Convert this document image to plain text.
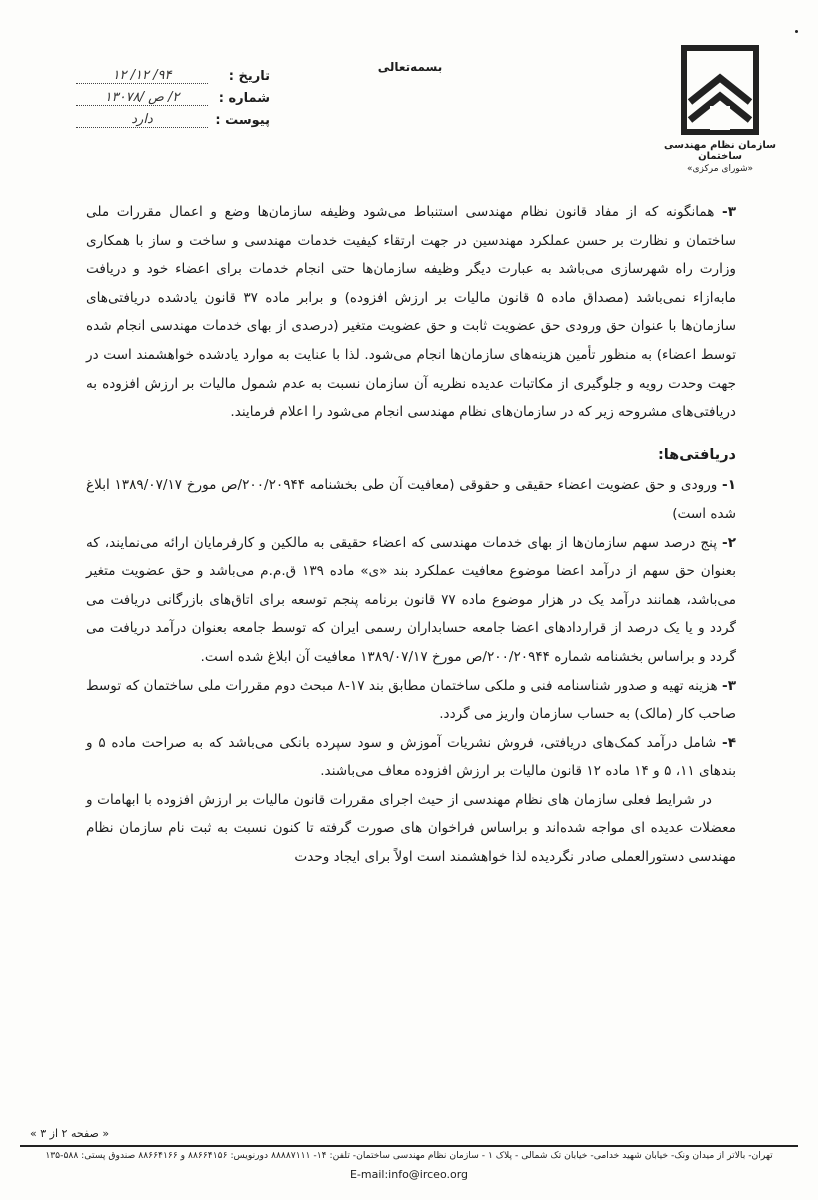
سازمان نظام مهندسی ساختمان
«شورای مرکزی»
بسمه‌تعالی
تاریخ :
۹۴/ ۱۲/ ۱۲
شماره :
۲/ ص /۱۳۰۷۸
پیوست :
دارد

۳- همانگونه که از مفاد قانون نظام مهندسی استنباط می‌شود وظیفه سازمان‌ها وضع و اعمال مقررات ملی ساختمان و نظارت بر حسن عملکرد مهندسین در جهت ارتقاء کیفیت خدمات مهندسی و ساخت و ساز با همکاری وزارت راه شهرسازی می‌باشد به عبارت دیگر وظیفه سازمان‌ها حتی انجام خدمات برای اعضاء خود و دریافت مابه‌ازاء نمی‌باشد (مصداق ماده ۵ قانون مالیات بر ارزش افزوده) و برابر ماده ۳۷ قانون یادشده دریافتی‌های سازمان‌ها با عنوان حق ورودی حق عضویت ثابت و حق عضویت متغیر (درصدی از بهای خدمات مهندسی انجام شده توسط اعضاء) به منظور تأمین هزینه‌های سازمان‌ها انجام می‌شود. لذا با عنایت به موارد یادشده خواهشمند است در جهت وحدت رویه و جلوگیری از مکاتبات عدیده نظریه آن سازمان نسبت به عدم شمول مالیات بر ارزش افزوده به دریافتی‌های مشروحه زیر که در سازمان‌های نظام مهندسی انجام می‌شود را اعلام فرمایند.

دریافتی‌ها:

۱- ورودی و حق عضویت اعضاء حقیقی و حقوقی (معافیت آن طی بخشنامه ۲۰۰/۲۰۹۴۴/ص مورخ ۱۳۸۹/۰۷/۱۷ ابلاغ شده است)

۲- پنج درصد سهم سازمان‌ها از بهای خدمات مهندسی که اعضاء حقیقی به مالکین و کارفرمایان ارائه می‌نمایند، که بعنوان حق سهم از درآمد اعضا موضوع معافیت عملکرد بند «ی» ماده ۱۳۹ ق.م.م می‌باشد و حق عضویت متغیر می‌باشد، همانند درآمد یک در هزار موضوع ماده ۷۷ قانون برنامه پنجم توسعه برای اتاق‌های بازرگانی دریافت می گردد و یا یک درصد از قراردادهای اعضا جامعه حسابداران رسمی ایران که توسط جامعه بعنوان درآمد دریافت می گردد و براساس بخشنامه شماره ۲۰۰/۲۰۹۴۴/ص مورخ ۱۳۸۹/۰۷/۱۷ معافیت آن ابلاغ شده است.

۳- هزینه تهیه و صدور شناسنامه فنی و ملکی ساختمان مطابق بند ۱۷-۸ مبحث دوم مقررات ملی ساختمان که توسط صاحب کار (مالک) به حساب سازمان واریز می گردد.

۴- شامل درآمد کمک‌های دریافتی، فروش نشریات آموزش و سود سپرده بانکی می‌باشد که به صراحت ماده ۵ و بندهای ۱۱، ۵ و ۱۴ ماده ۱۲ قانون مالیات بر ارزش افزوده معاف می‌باشند.

در شرایط فعلی سازمان های نظام مهندسی از حیث اجرای مقررات قانون مالیات بر ارزش افزوده با ابهامات و معضلات عدیده ای مواجه شده‌اند و براساس فراخوان های صورت گرفته تا کنون نسبت به ثبت نام سازمان نظام مهندسی دستورالعملی صادر نگردیده لذا خواهشمند است اولاً برای ایجاد وحدت

« صفحه ۲ از ۳ »
تهران- بالاتر از میدان ونک- خیابان شهید خدامی- خیابان تک شمالی - پلاک ۱ - سازمان نظام مهندسی ساختمان- تلفن: ۱۴- ۸۸۸۸۷۱۱۱ دورنویس: ۸۸۶۶۴۱۵۶ و ۸۸۶۶۴۱۶۶ صندوق پستی: ۵۸۸-۱۳۵
E-mail:info@irceo.org
